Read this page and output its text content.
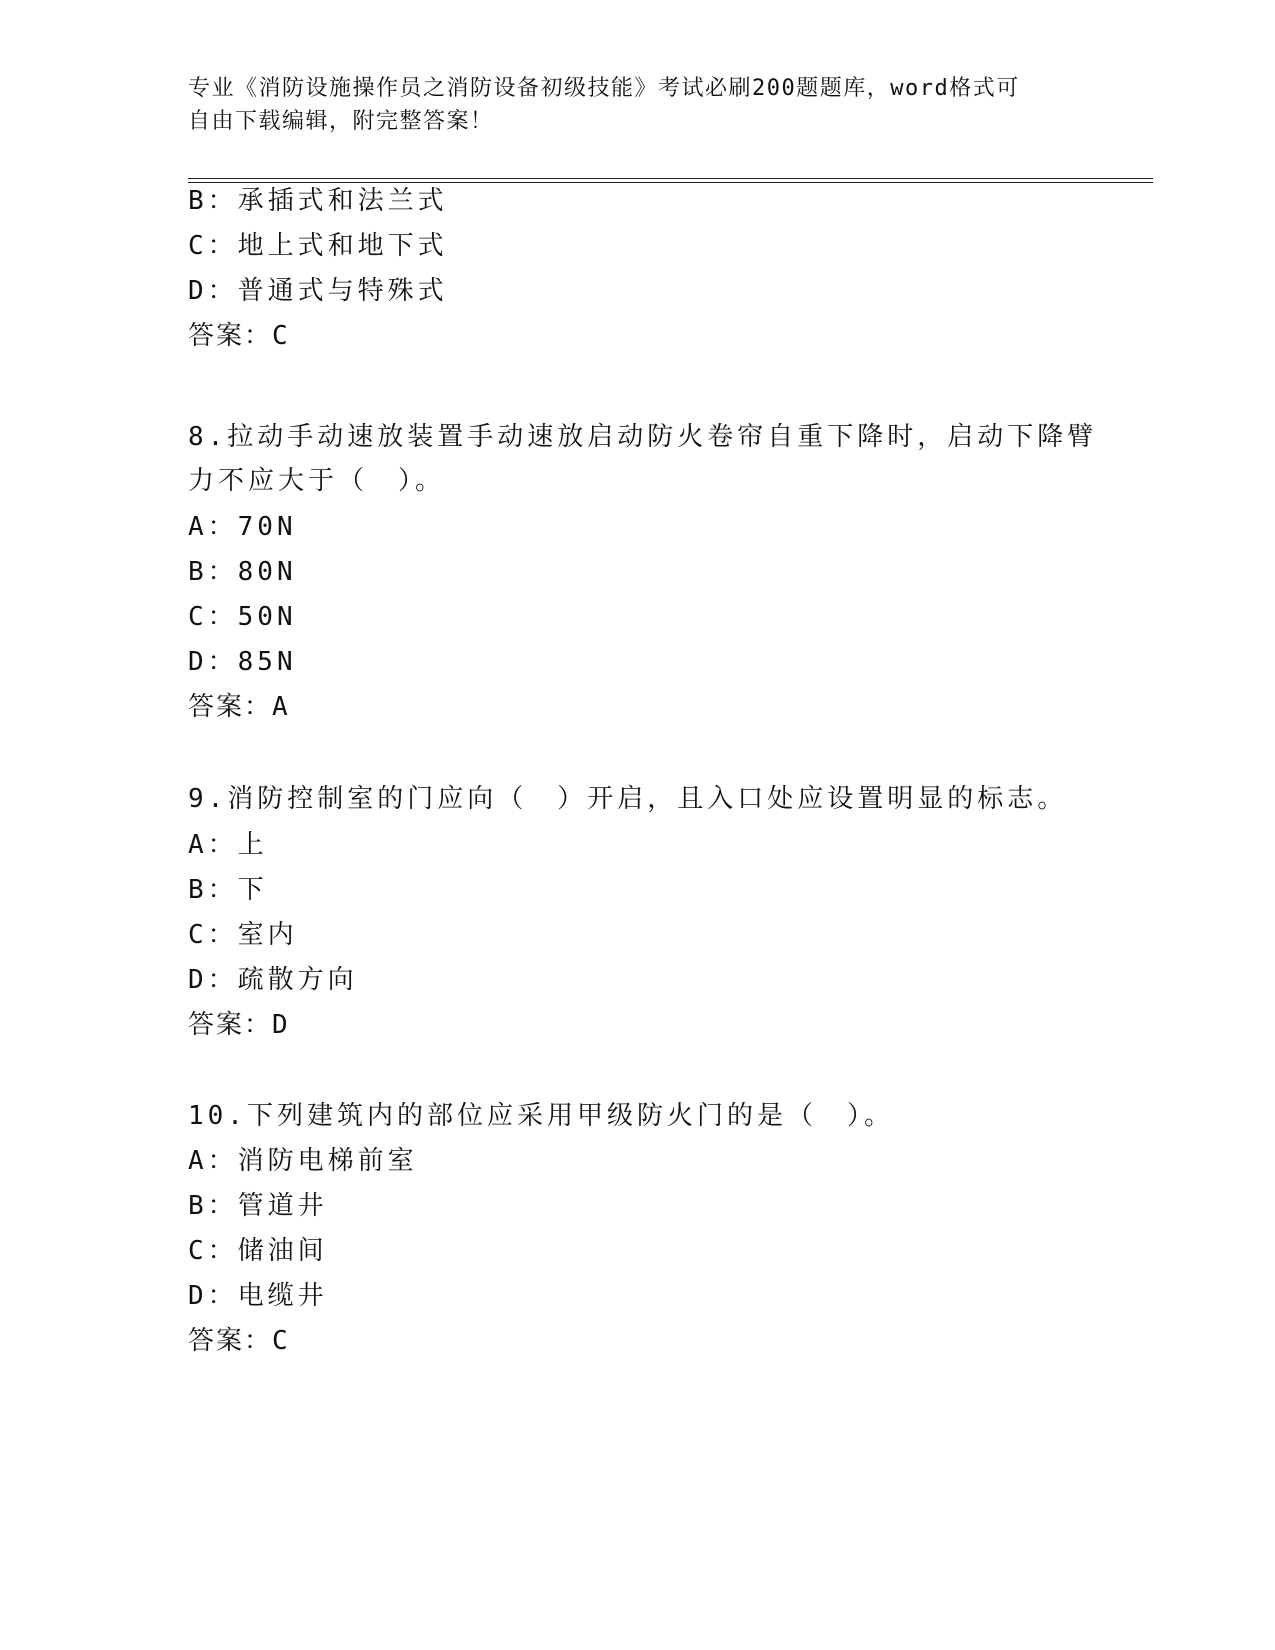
专业《消防设施操作员之消防设备初级技能》考试必刷200题题库，word格式可
自由下载编辑，附完整答案！
B：承插式和法兰式
C：地上式和地下式
D：普通式与特殊式
答案：C
8.拉动手动速放装置手动速放启动防火卷帘自重下降时，启动下降臂
力不应大于（　）。
A：70N
B：80N
C：50N
D：85N
答案：A
9.消防控制室的门应向（　）开启，且入口处应设置明显的标志。
A：上
B：下
C：室内
D：疏散方向
答案：D
10.下列建筑内的部位应采用甲级防火门的是（　）。
A：消防电梯前室
B：管道井
C：储油间
D：电缆井
答案：C
